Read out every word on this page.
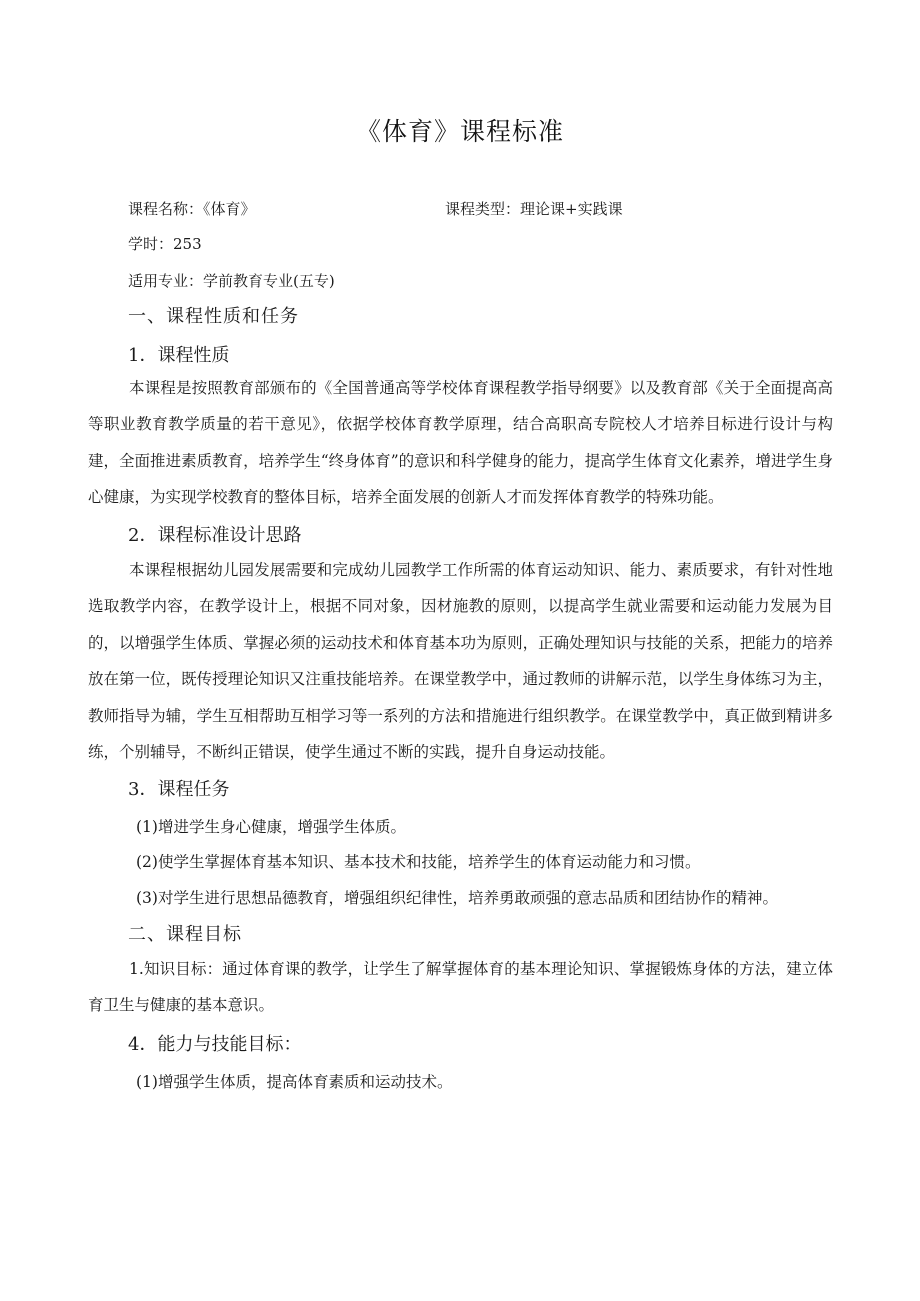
《体育》课程标准
课程名称：《体育》	课程类型：理论课+实践课
学时：253
适用专业：学前教育专业(五专)
一、课程性质和任务
1．课程性质
本课程是按照教育部颁布的《全国普通高等学校体育课程教学指导纲要》以及教育部《关于全面提高高等职业教育教学质量的若干意见》，依据学校体育教学原理，结合高职高专院校人才培养目标进行设计与构建，全面推进素质教育，培养学生“终身体育”的意识和科学健身的能力，提高学生体育文化素养，增进学生身心健康，为实现学校教育的整体目标，培养全面发展的创新人才而发挥体育教学的特殊功能。
2．课程标准设计思路
本课程根据幼儿园发展需要和完成幼儿园教学工作所需的体育运动知识、能力、素质要求，有针对性地选取教学内容，在教学设计上，根据不同对象，因材施教的原则，以提高学生就业需要和运动能力发展为目的，以增强学生体质、掌握必须的运动技术和体育基本功为原则，正确处理知识与技能的关系，把能力的培养放在第一位，既传授理论知识又注重技能培养。在课堂教学中，通过教师的讲解示范，以学生身体练习为主，教师指导为辅，学生互相帮助互相学习等一系列的方法和措施进行组织教学。在课堂教学中，真正做到精讲多练，个别辅导，不断纠正错误，使学生通过不断的实践，提升自身运动技能。
3．课程任务
(1)增进学生身心健康，增强学生体质。
(2)使学生掌握体育基本知识、基本技术和技能，培养学生的体育运动能力和习惯。
(3)对学生进行思想品德教育，增强组织纪律性，培养勇敢顽强的意志品质和团结协作的精神。
二、课程目标
1.知识目标：通过体育课的教学，让学生了解掌握体育的基本理论知识、掌握锻炼身体的方法，建立体育卫生与健康的基本意识。
4．能力与技能目标：
(1)增强学生体质，提高体育素质和运动技术。
